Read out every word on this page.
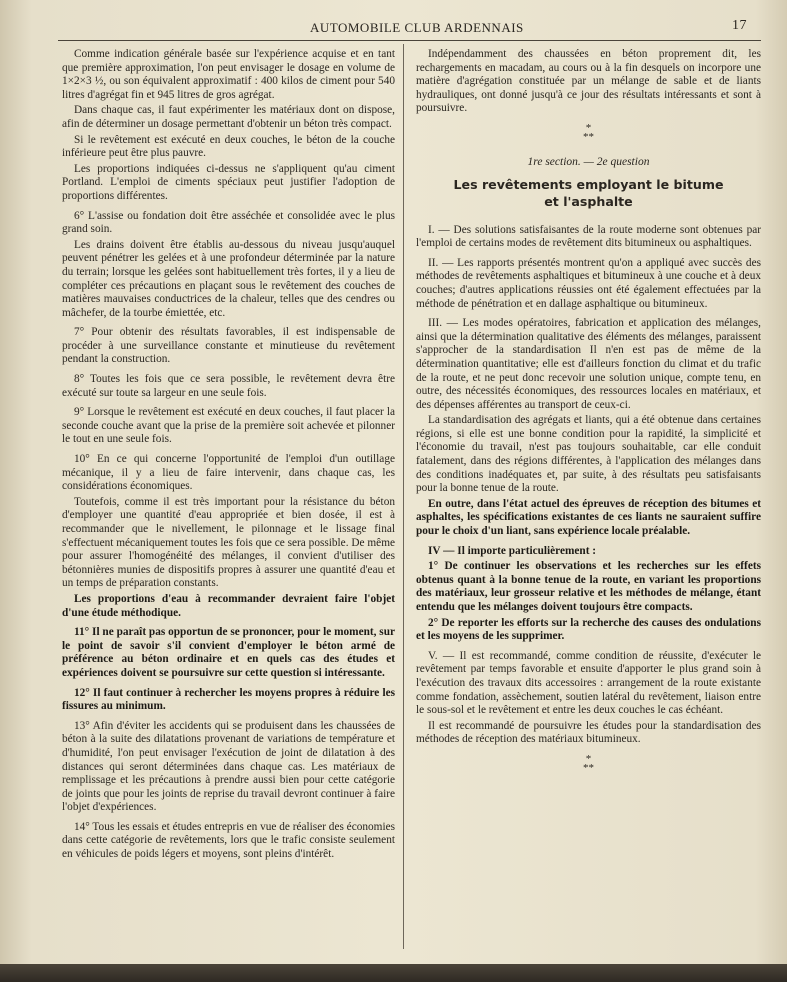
AUTOMOBILE CLUB ARDENNAIS	17

Comme indication générale basée sur l'expérience acquise et en tant que première approximation, l'on peut envisager le dosage en volume de 1×2×3 ½, ou son équivalent approximatif : 400 kilos de ciment pour 540 litres d'agrégat fin et 945 litres de gros agrégat.

Dans chaque cas, il faut expérimenter les matériaux dont on dispose, afin de déterminer un dosage permettant d'obtenir un béton très compact.

Si le revêtement est exécuté en deux couches, le béton de la couche inférieure peut être plus pauvre.

Les proportions indiquées ci-dessus ne s'appliquent qu'au ciment Portland. L'emploi de ciments spéciaux peut justifier l'adoption de proportions différentes.

6° L'assise ou fondation doit être asséchée et consolidée avec le plus grand soin.

Les drains doivent être établis au-dessous du niveau jusqu'auquel peuvent pénétrer les gelées et à une profondeur déterminée par la nature du terrain; lorsque les gelées sont habituellement très fortes, il y a lieu de compléter ces précautions en plaçant sous le revêtement des couches de matières mauvaises conductrices de la chaleur, telles que des cendres ou mâchefer, de la tourbe émiettée, etc.

7° Pour obtenir des résultats favorables, il est indispensable de procéder à une surveillance constante et minutieuse du revêtement pendant la construction.

8° Toutes les fois que ce sera possible, le revêtement devra être exécuté sur toute sa largeur en une seule fois.

9° Lorsque le revêtement est exécuté en deux couches, il faut placer la seconde couche avant que la prise de la première soit achevée et pilonner le tout en une seule fois.

10° En ce qui concerne l'opportunité de l'emploi d'un outillage mécanique, il y a lieu de faire intervenir, dans chaque cas, les considérations économiques.

Toutefois, comme il est très important pour la résistance du béton d'employer une quantité d'eau appropriée et bien dosée, il est à recommander que le nivellement, le pilonnage et le lissage final s'effectuent mécaniquement toutes les fois que ce sera possible. De même pour assurer l'homogénéité des mélanges, il convient d'utiliser des bétonnières munies de dispositifs propres à assurer une quantité d'eau et un temps de préparation constants.

Les proportions d'eau à recommander devraient faire l'objet d'une étude méthodique.

11° Il ne paraît pas opportun de se prononcer, pour le moment, sur le point de savoir s'il convient d'employer le béton armé de préférence au béton ordinaire et en quels cas des études et expériences doivent se poursuivre sur cette question si intéressante.

12° Il faut continuer à rechercher les moyens propres à réduire les fissures au minimum.

13° Afin d'éviter les accidents qui se produisent dans les chaussées de béton à la suite des dilatations provenant de variations de température et d'humidité, l'on peut envisager l'exécution de joint de dilatation à des distances qui seront déterminées dans chaque cas. Les matériaux de remplissage et les précautions à prendre aussi bien pour cette catégorie de joints que pour les joints de reprise du travail devront continuer à faire l'objet d'expériences.

14° Tous les essais et études entrepris en vue de réaliser des économies dans cette catégorie de revêtements, lors que le trafic consiste seulement en véhicules de poids légers et moyens, sont pleins d'intérêt.

Indépendamment des chaussées en béton proprement dit, les rechargements en macadam, au cours ou à la fin desquels on incorpore une matière d'agrégation constituée par un mélange de sable et de liants hydrauliques, ont donné jusqu'à ce jour des résultats intéressants et sont à poursuivre.

*
**
1re section. — 2e question
Les revêtements employant le bitume
et l'asphalte

I. — Des solutions satisfaisantes de la route moderne sont obtenues par l'emploi de certains modes de revêtement dits bitumineux ou asphaltiques.

II. — Les rapports présentés montrent qu'on a appliqué avec succès des méthodes de revêtements asphaltiques et bitumineux à une couche et à deux couches; d'autres applications réussies ont été également effectuées par la méthode de pénétration et en dallage asphaltique ou bitumineux.

III. — Les modes opératoires, fabrication et application des mélanges, ainsi que la détermination qualitative des éléments des mélanges, paraissent s'approcher de la standardisation Il n'en est pas de même de la détermination quantitative; elle est d'ailleurs fonction du climat et du trafic de la route, et ne peut donc recevoir une solution unique, compte tenu, en outre, des nécessités économiques, des ressources locales en matériaux, et des dépenses afférentes au transport de ceux-ci.

La standardisation des agrégats et liants, qui a été obtenue dans certaines régions, si elle est une bonne condition pour la rapidité, la simplicité et l'économie du travail, n'est pas toujours souhaitable, car elle conduit fatalement, dans des régions différentes, à l'application des mélanges dans des conditions inadéquates et, par suite, à des résultats peu satisfaisants pour la bonne tenue de la route.

En outre, dans l'état actuel des épreuves de réception des bitumes et asphaltes, les spécifications existantes de ces liants ne sauraient suffire pour le choix d'un liant, sans expérience locale préalable.

IV — Il importe particulièrement :

1° De continuer les observations et les recherches sur les effets obtenus quant à la bonne tenue de la route, en variant les proportions des matériaux, leur grosseur relative et les méthodes de mélange, étant entendu que les mélanges doivent toujours être compacts.

2° De reporter les efforts sur la recherche des causes des ondulations et les moyens de les supprimer.

V. — Il est recommandé, comme condition de réussite, d'exécuter le revêtement par temps favorable et ensuite d'apporter le plus grand soin à l'exécution des travaux dits accessoires : arrangement de la route existante comme fondation, assèchement, soutien latéral du revêtement, liaison entre le sous-sol et le revêtement et entre les deux couches le cas échéant.

Il est recommandé de poursuivre les études pour la standardisation des méthodes de réception des matériaux bitumineux.

*
**
